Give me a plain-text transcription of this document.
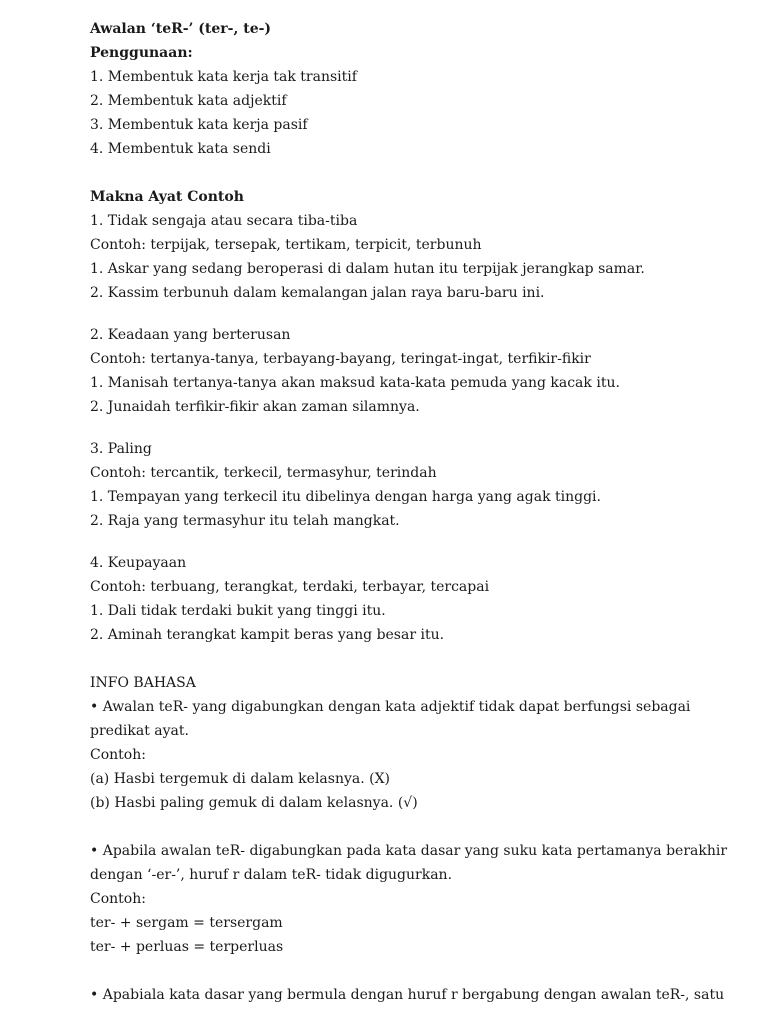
Awalan ‘teR-’ (ter-, te-)
Penggunaan:
1. Membentuk kata kerja tak transitif
2. Membentuk kata adjektif
3. Membentuk kata kerja pasif
4. Membentuk kata sendi
Makna Ayat Contoh
1. Tidak sengaja atau secara tiba-tiba
Contoh: terpijak, tersepak, tertikam, terpicit, terbunuh
1. Askar yang sedang beroperasi di dalam hutan itu terpijak jerangkap samar.
2. Kassim terbunuh dalam kemalangan jalan raya baru-baru ini.
2. Keadaan yang berterusan
Contoh: tertanya-tanya, terbayang-bayang, teringat-ingat, terfikir-fikir
1. Manisah tertanya-tanya akan maksud kata-kata pemuda yang kacak itu.
2. Junaidah terfikir-fikir akan zaman silamnya.
3. Paling
Contoh: tercantik, terkecil, termasyhur, terindah
1. Tempayan yang terkecil itu dibelinya dengan harga yang agak tinggi.
2. Raja yang termasyhur itu telah mangkat.
4. Keupayaan
Contoh: terbuang, terangkat, terdaki, terbayar, tercapai
1. Dali tidak terdaki bukit yang tinggi itu.
2. Aminah terangkat kampit beras yang besar itu.
INFO BAHASA
• Awalan teR- yang digabungkan dengan kata adjektif tidak dapat berfungsi sebagai
predikat ayat.
Contoh:
(a) Hasbi tergemuk di dalam kelasnya. (X)
(b) Hasbi paling gemuk di dalam kelasnya. (√)
• Apabila awalan teR- digabungkan pada kata dasar yang suku kata pertamanya berakhir
dengan ‘-er-’, huruf r dalam teR- tidak digugurkan.
Contoh:
ter- + sergam = tersergam
ter- + perluas = terperluas
• Apabiala kata dasar yang bermula dengan huruf r bergabung dengan awalan teR-, satu
